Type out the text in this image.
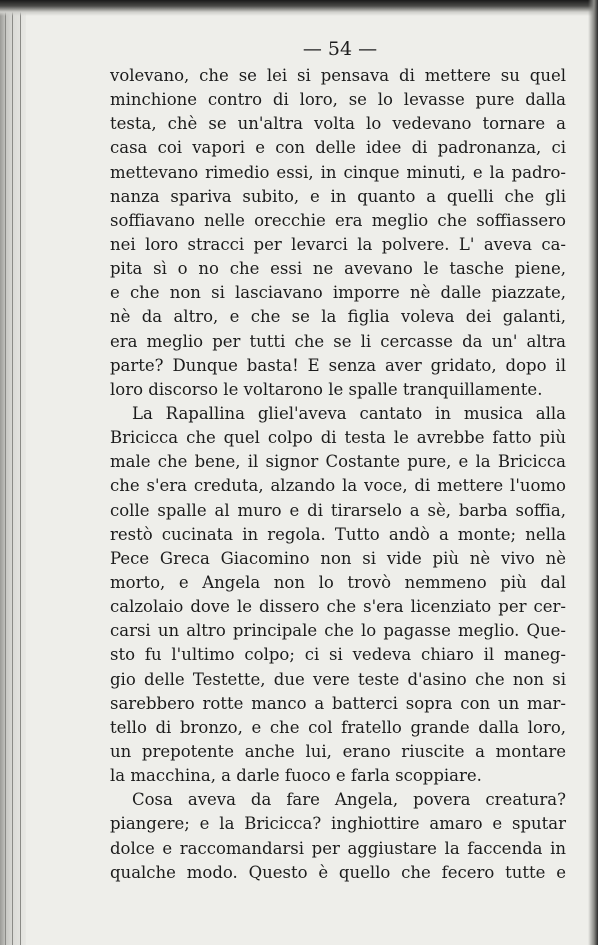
— 54 —
volevano, che se lei si pensava di mettere su quel
minchione contro di loro, se lo levasse pure dalla
testa, chè se un'altra volta lo vedevano tornare a
casa coi vapori e con delle idee di padronanza, ci
mettevano rimedio essi, in cinque minuti, e la padro-
nanza spariva subito, e in quanto a quelli che gli
soffiavano nelle orecchie era meglio che soffiassero
nei loro stracci per levarci la polvere. L' aveva ca-
pita sì o no che essi ne avevano le tasche piene,
e che non si lasciavano imporre nè dalle piazzate,
nè da altro, e che se la figlia voleva dei galanti,
era meglio per tutti che se li cercasse da un' altra
parte? Dunque basta! E senza aver gridato, dopo il
loro discorso le voltarono le spalle tranquillamente.
La Rapallina gliel'aveva cantato in musica alla
Bricicca che quel colpo di testa le avrebbe fatto più
male che bene, il signor Costante pure, e la Bricicca
che s'era creduta, alzando la voce, di mettere l'uomo
colle spalle al muro e di tirarselo a sè, barba soffia,
restò cucinata in regola. Tutto andò a monte; nella
Pece Greca Giacomino non si vide più nè vivo nè
morto, e Angela non lo trovò nemmeno più dal
calzolaio dove le dissero che s'era licenziato per cer-
carsi un altro principale che lo pagasse meglio. Que-
sto fu l'ultimo colpo; ci si vedeva chiaro il maneg-
gio delle Testette, due vere teste d'asino che non si
sarebbero rotte manco a batterci sopra con un mar-
tello di bronzo, e che col fratello grande dalla loro,
un prepotente anche lui, erano riuscite a montare
la macchina, a darle fuoco e farla scoppiare.
Cosa aveva da fare Angela, povera creatura?
piangere; e la Bricicca? inghiottire amaro e sputar
dolce e raccomandarsi per aggiustare la faccenda in
qualche modo. Questo è quello che fecero tutte e
